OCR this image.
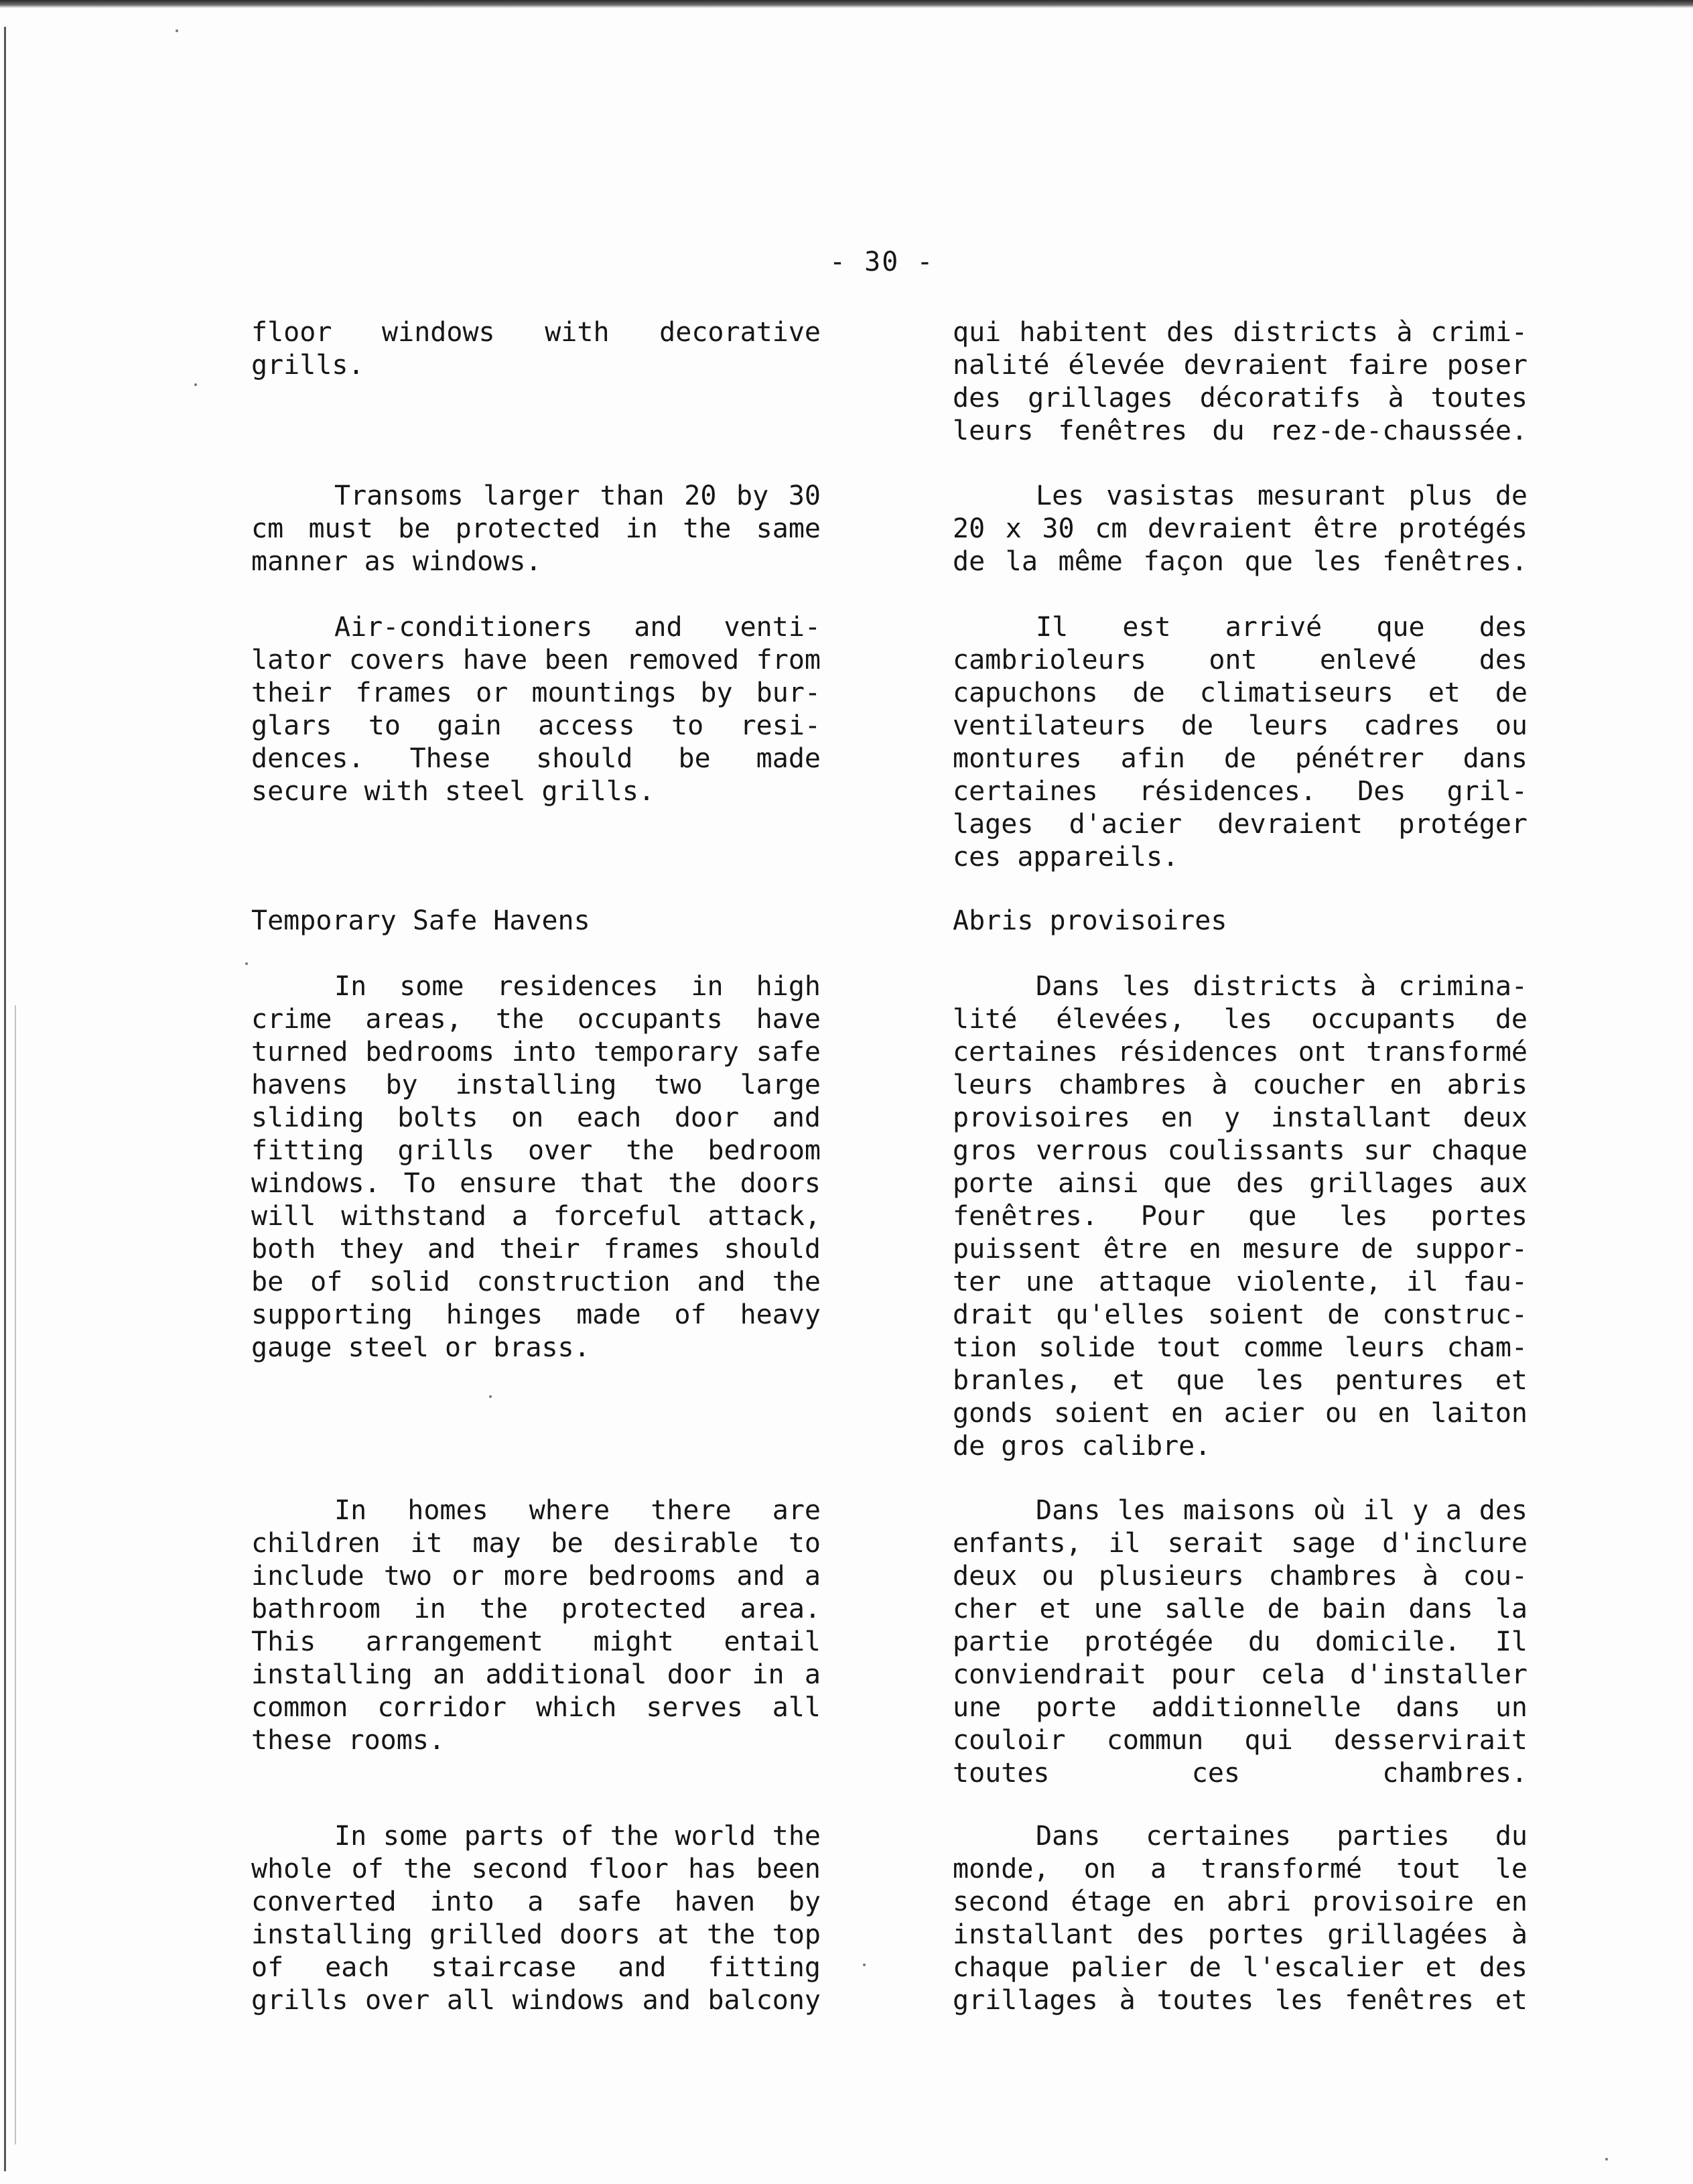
- 30 -
floor windows with decorative
grills.
Transoms larger than 20 by 30
cm must be protected in the same
manner as windows.
Air-conditioners and venti-
lator covers have been removed from
their frames or mountings by bur-
glars to gain access to resi-
dences. These should be made
secure with steel grills.
Temporary Safe Havens
In some residences in high
crime areas, the occupants have
turned bedrooms into temporary safe
havens by installing two large
sliding bolts on each door and
fitting grills over the bedroom
windows. To ensure that the doors
will withstand a forceful attack,
both they and their frames should
be of solid construction and the
supporting hinges made of heavy
gauge steel or brass.
In homes where there are
children it may be desirable to
include two or more bedrooms and a
bathroom in the protected area.
This arrangement might entail
installing an additional door in a
common corridor which serves all
these rooms.
In some parts of the world the
whole of the second floor has been
converted into a safe haven by
installing grilled doors at the top
of each staircase and fitting
grills over all windows and balcony
qui habitent des districts à crimi-
nalité élevée devraient faire poser
des grillages décoratifs à toutes
leurs fenêtres du rez-de-chaussée.
Les vasistas mesurant plus de
20 x 30 cm devraient être protégés
de la même façon que les fenêtres.
Il est arrivé que des
cambrioleurs ont enlevé des
capuchons de climatiseurs et de
ventilateurs de leurs cadres ou
montures afin de pénétrer dans
certaines résidences. Des gril-
lages d'acier devraient protéger
ces appareils.
Abris provisoires
Dans les districts à crimina-
lité élevées, les occupants de
certaines résidences ont transformé
leurs chambres à coucher en abris
provisoires en y installant deux
gros verrous coulissants sur chaque
porte ainsi que des grillages aux
fenêtres. Pour que les portes
puissent être en mesure de suppor-
ter une attaque violente, il fau-
drait qu'elles soient de construc-
tion solide tout comme leurs cham-
branles, et que les pentures et
gonds soient en acier ou en laiton
de gros calibre.
Dans les maisons où il y a des
enfants, il serait sage d'inclure
deux ou plusieurs chambres à cou-
cher et une salle de bain dans la
partie protégée du domicile. Il
conviendrait pour cela d'installer
une porte additionnelle dans un
couloir commun qui desservirait
toutes ces chambres.
Dans certaines parties du
monde, on a transformé tout le
second étage en abri provisoire en
installant des portes grillagées à
chaque palier de l'escalier et des
grillages à toutes les fenêtres et
